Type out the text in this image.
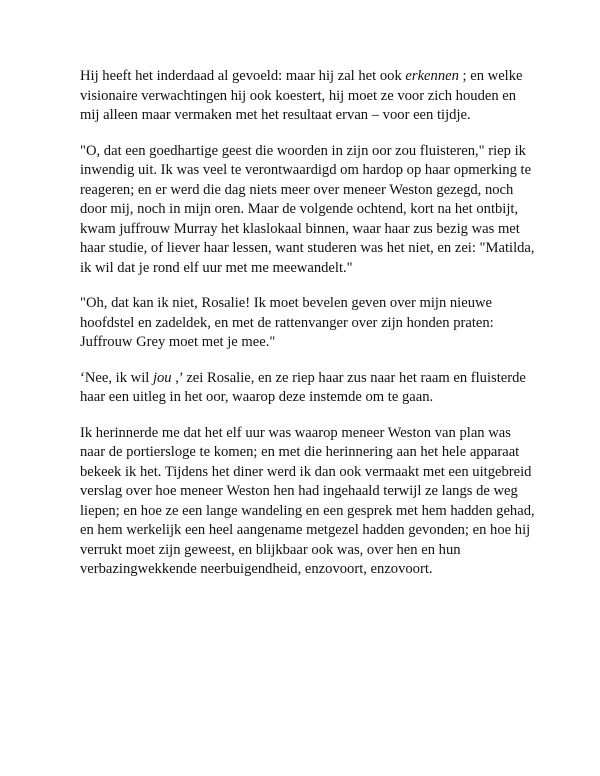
Hij heeft het inderdaad al gevoeld: maar hij zal het ook erkennen ; en welke visionaire verwachtingen hij ook koestert, hij moet ze voor zich houden en mij alleen maar vermaken met het resultaat ervan – voor een tijdje.

"O, dat een goedhartige geest die woorden in zijn oor zou fluisteren," riep ik inwendig uit. Ik was veel te verontwaardigd om hardop op haar opmerking te reageren; en er werd die dag niets meer over meneer Weston gezegd, noch door mij, noch in mijn oren. Maar de volgende ochtend, kort na het ontbijt, kwam juffrouw Murray het klaslokaal binnen, waar haar zus bezig was met haar studie, of liever haar lessen, want studeren was het niet, en zei: "Matilda, ik wil dat je rond elf uur met me meewandelt."

"Oh, dat kan ik niet, Rosalie! Ik moet bevelen geven over mijn nieuwe hoofdstel en zadeldek, en met de rattenvanger over zijn honden praten: Juffrouw Grey moet met je mee."

‘Nee, ik wil jou ,’ zei Rosalie, en ze riep haar zus naar het raam en fluisterde haar een uitleg in het oor, waarop deze instemde om te gaan.

Ik herinnerde me dat het elf uur was waarop meneer Weston van plan was naar de portiersloge te komen; en met die herinnering aan het hele apparaat bekeek ik het. Tijdens het diner werd ik dan ook vermaakt met een uitgebreid verslag over hoe meneer Weston hen had ingehaald terwijl ze langs de weg liepen; en hoe ze een lange wandeling en een gesprek met hem hadden gehad, en hem werkelijk een heel aangename metgezel hadden gevonden; en hoe hij verrukt moet zijn geweest, en blijkbaar ook was, over hen en hun verbazingwekkende neerbuigendheid, enzovoort, enzovoort.
